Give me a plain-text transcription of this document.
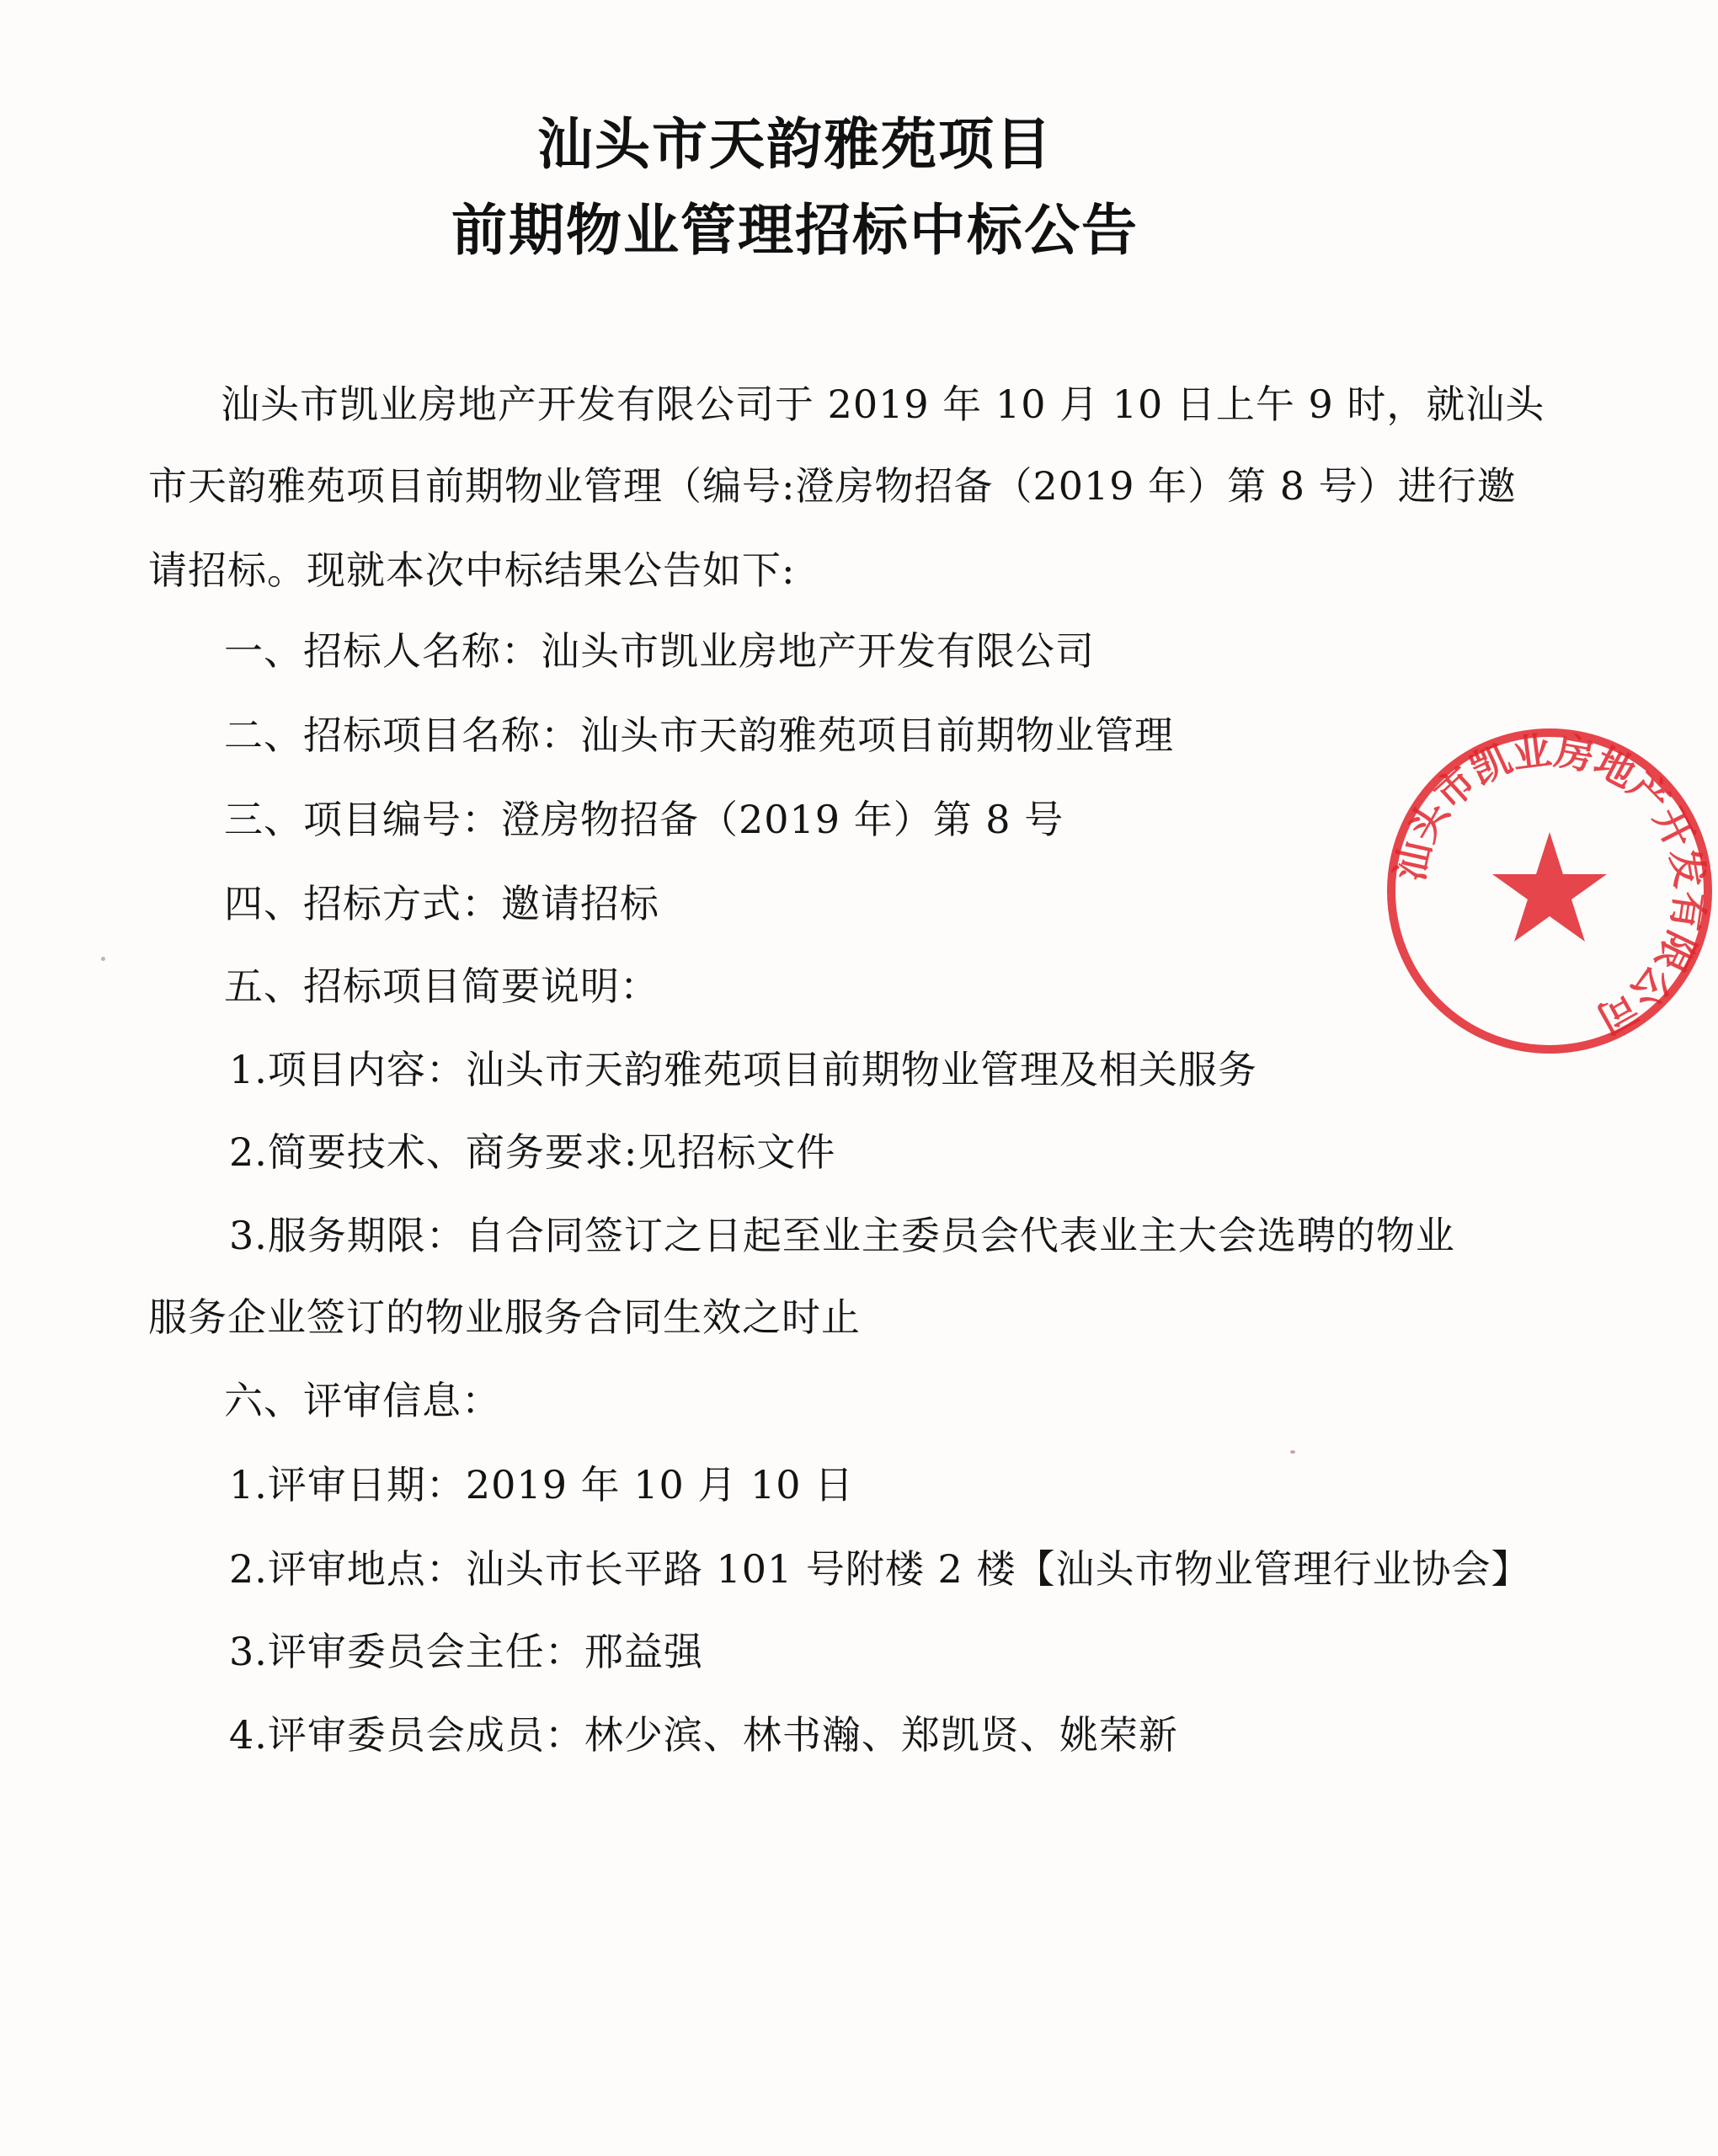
汕头市天韵雅苑项目
前期物业管理招标中标公告
汕头市凯业房地产开发有限公司于 2019 年 10 月 10 日上午 9 时，就汕头
市天韵雅苑项目前期物业管理（编号:澄房物招备（2019 年）第 8 号）进行邀
请招标。现就本次中标结果公告如下:
一、招标人名称：汕头市凯业房地产开发有限公司
二、招标项目名称：汕头市天韵雅苑项目前期物业管理
三、项目编号：澄房物招备（2019 年）第 8 号
四、招标方式：邀请招标
五、招标项目简要说明：
1.项目内容：汕头市天韵雅苑项目前期物业管理及相关服务
2.简要技术、商务要求:见招标文件
3.服务期限：自合同签订之日起至业主委员会代表业主大会选聘的物业
服务企业签订的物业服务合同生效之时止
六、评审信息：
1.评审日期：2019 年 10 月 10 日
2.评审地点：汕头市长平路 101 号附楼 2 楼【汕头市物业管理行业协会】
3.评审委员会主任：邢益强
4.评审委员会成员：林少滨、林书瀚、郑凯贤、姚荣新
汕头市凯业房地产开发有限公司
